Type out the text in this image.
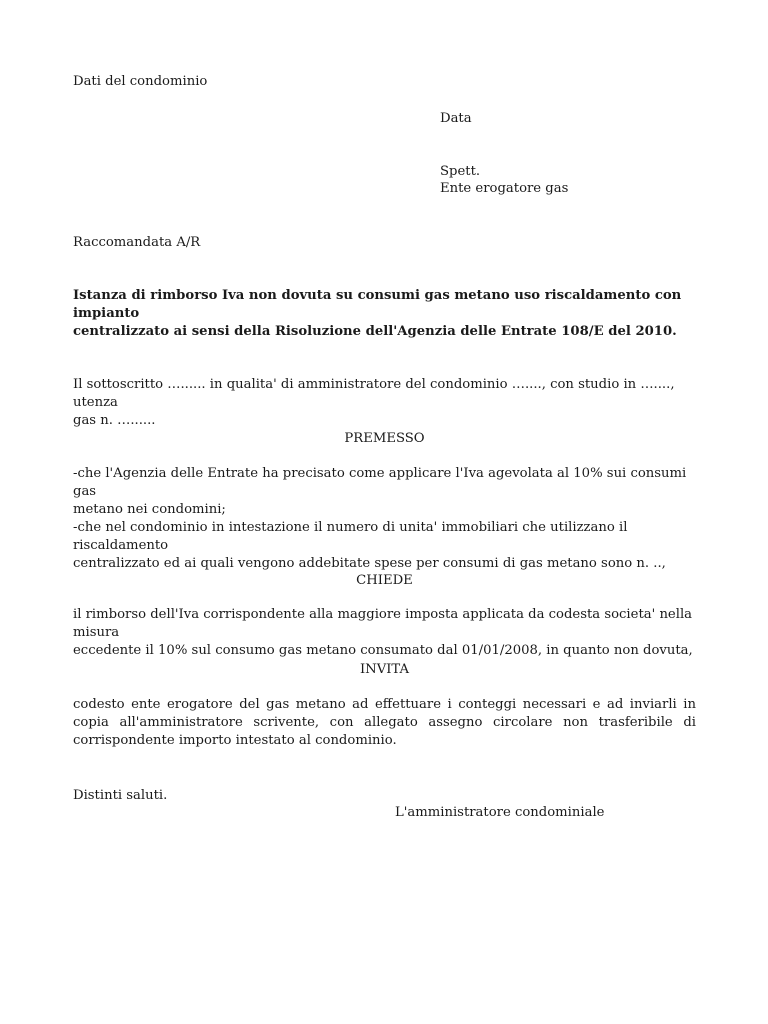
Dati del condominio
Data
Spett.
Ente erogatore gas
Raccomandata A/R
Istanza di rimborso Iva non dovuta su consumi gas metano uso riscaldamento con impianto
centralizzato ai sensi della Risoluzione dell'Agenzia delle Entrate 108/E del 2010.
Il sottoscritto …...... in qualita' di amministratore del condominio …...., con studio in …...., utenza
gas n. …......
PREMESSO
-che l'Agenzia delle Entrate ha precisato come applicare l'Iva agevolata al 10% sui consumi gas
metano nei condomini;
-che nel condominio in intestazione il numero di unita' immobiliari che utilizzano il riscaldamento
centralizzato ed ai quali vengono addebitate spese per consumi di gas metano sono n. ..,
CHIEDE
il rimborso dell'Iva corrispondente alla maggiore imposta applicata da codesta societa' nella misura
eccedente il 10% sul consumo gas metano consumato dal 01/01/2008, in quanto non dovuta,
INVITA
codesto ente erogatore del gas metano ad effettuare i conteggi necessari e ad inviarli in copia all'amministratore scrivente, con allegato assegno circolare non trasferibile di corrispondente importo intestato al condominio.
Distinti saluti.
L'amministratore condominiale
